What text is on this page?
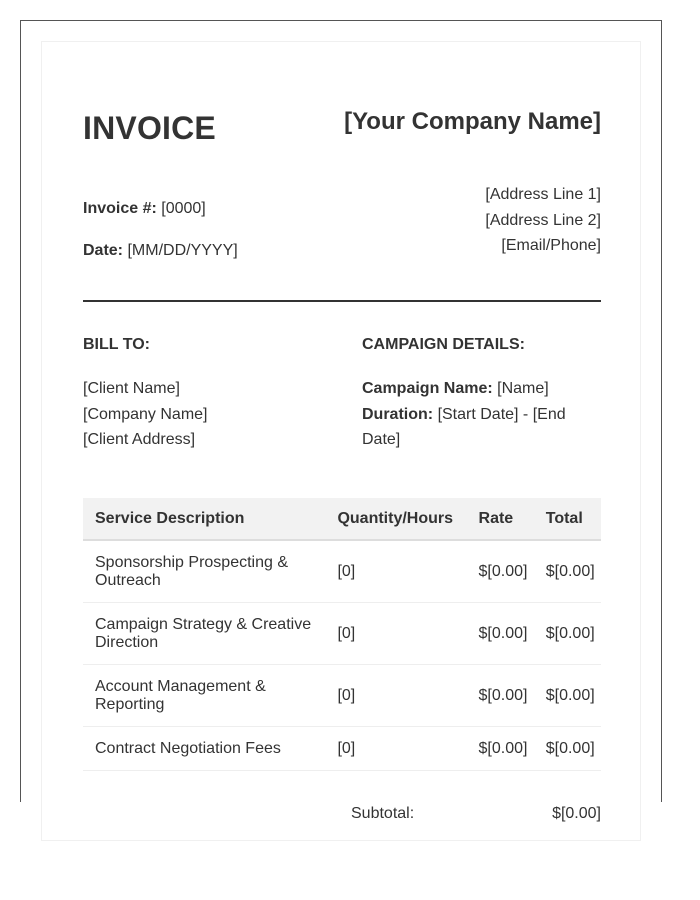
INVOICE	[Your Company Name]
Invoice #: [0000]
Date: [MM/DD/YYYY]
[Address Line 1]
[Address Line 2]
[Email/Phone]
BILL TO:	CAMPAIGN DETAILS:
[Client Name]
[Company Name]
[Client Address]
Campaign Name: [Name]
Duration: [Start Date] - [End Date]
Service Description	Quantity/Hours	Rate	Total
Sponsorship Prospecting & Outreach	[0]	$[0.00]	$[0.00]
Campaign Strategy & Creative Direction	[0]	$[0.00]	$[0.00]
Account Management & Reporting	[0]	$[0.00]	$[0.00]
Contract Negotiation Fees	[0]	$[0.00]	$[0.00]
Subtotal:	$[0.00]
